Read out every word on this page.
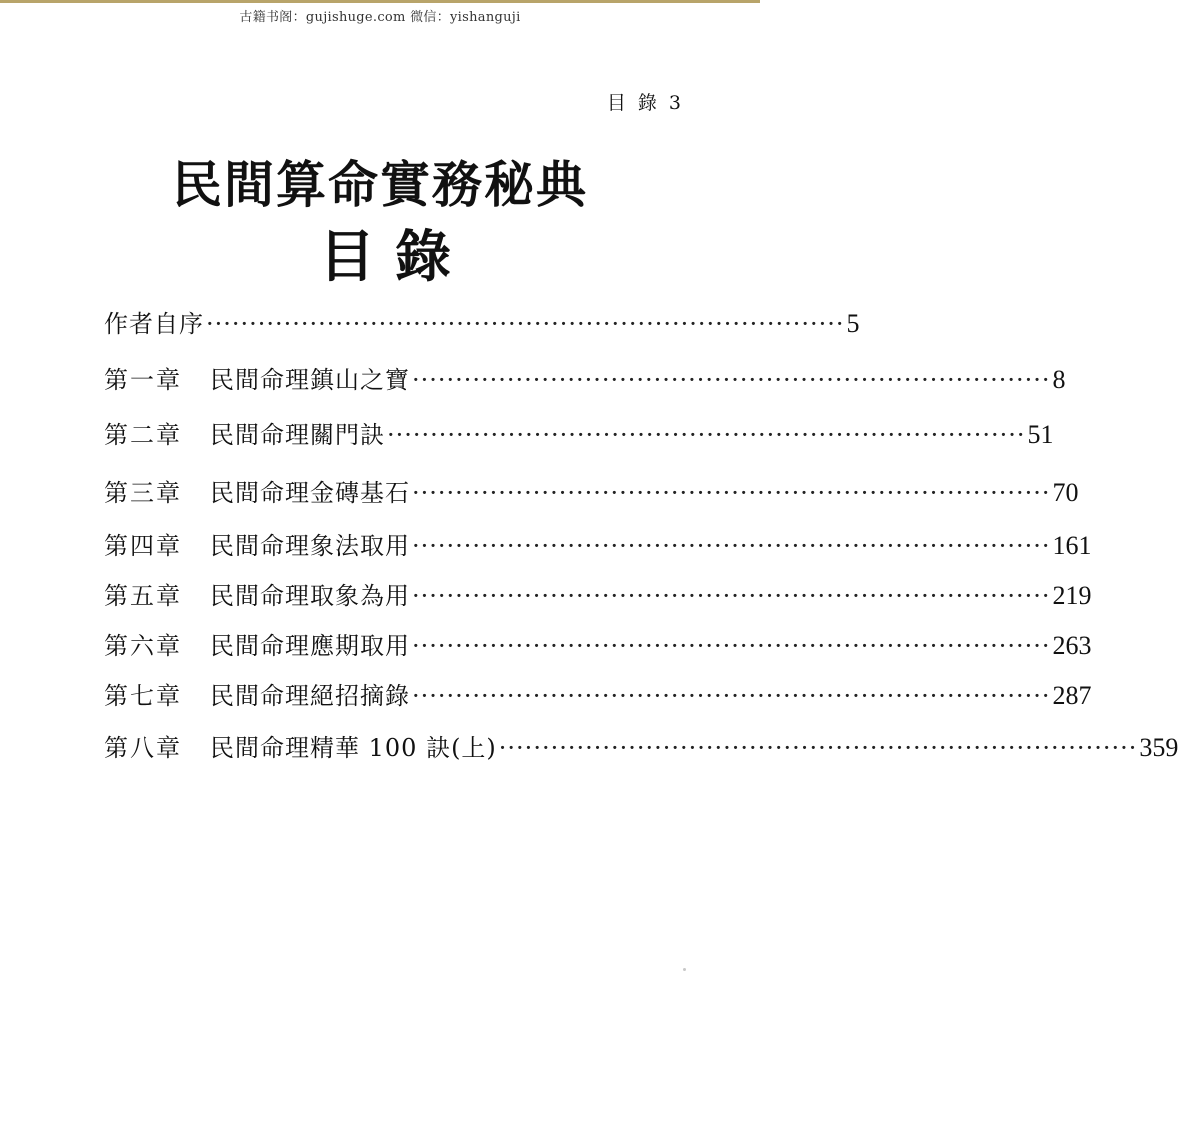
古籍书阁：gujishuge.com 微信：yishanguji
目 錄 3
民間算命實務秘典
目錄
作者自序 ·········································································· 5
第一章	民間命理鎮山之寶 ·········································································· 8
第二章	民間命理關門訣 ·········································································· 51
第三章	民間命理金磚基石 ·········································································· 70
第四章	民間命理象法取用 ·········································································· 161
第五章	民間命理取象為用 ·········································································· 219
第六章	民間命理應期取用 ·········································································· 263
第七章	民間命理絕招摘錄 ·········································································· 287
第八章	民間命理精華 100 訣(上) ·········································································· 359
